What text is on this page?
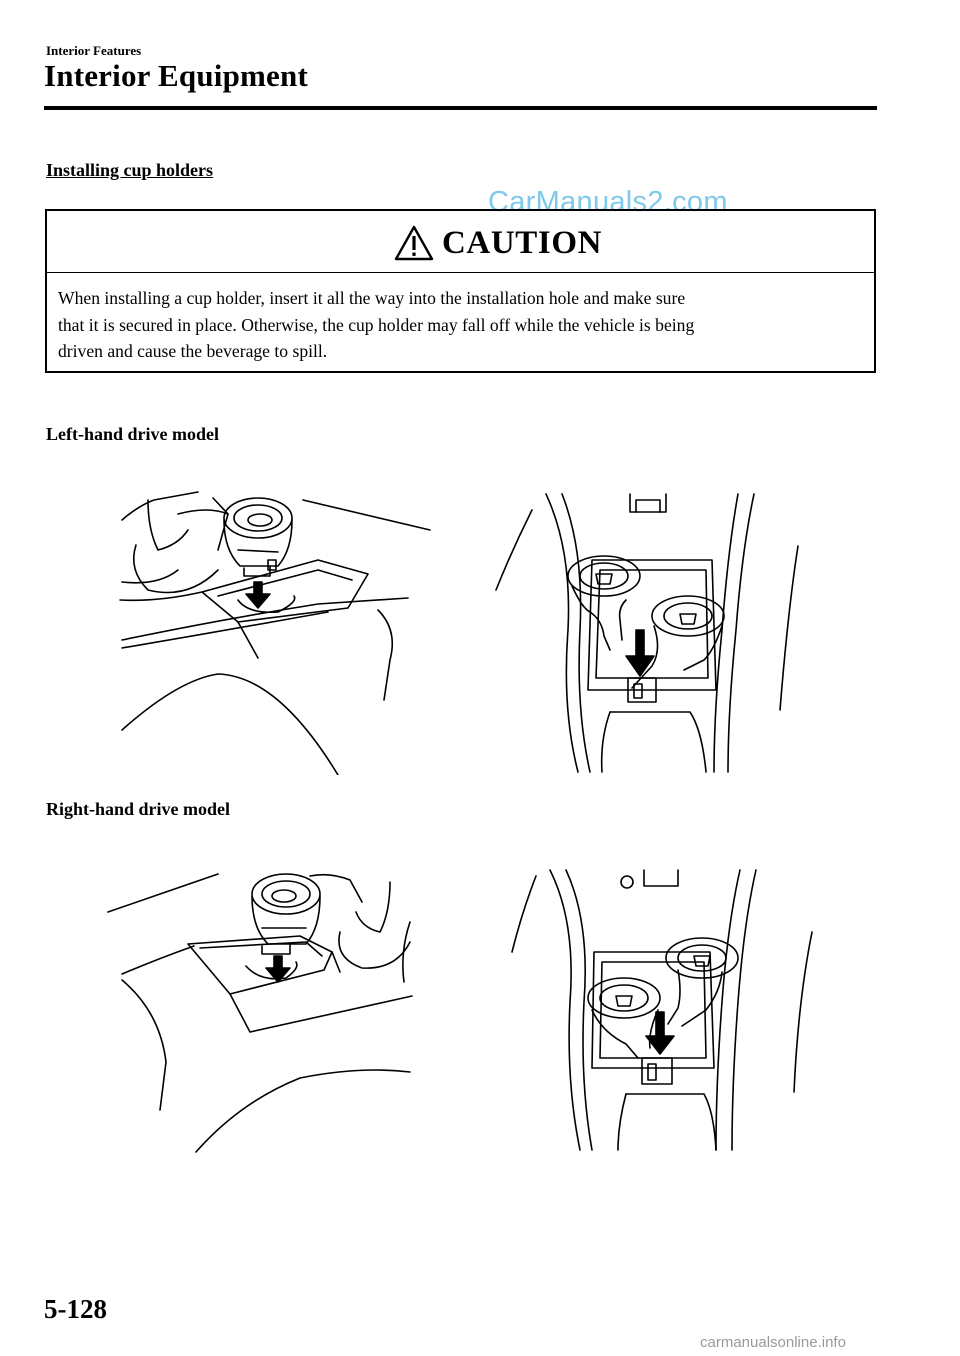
Interior Features
Interior Equipment
Installing cup holders
CarManuals2.com
CAUTION
When installing a cup holder, insert it all the way into the installation hole and make sure
that it is secured in place. Otherwise, the cup holder may fall off while the vehicle is being
driven and cause the beverage to spill.
Left-hand drive model
Right-hand drive model
5-128
carmanualsonline.info
